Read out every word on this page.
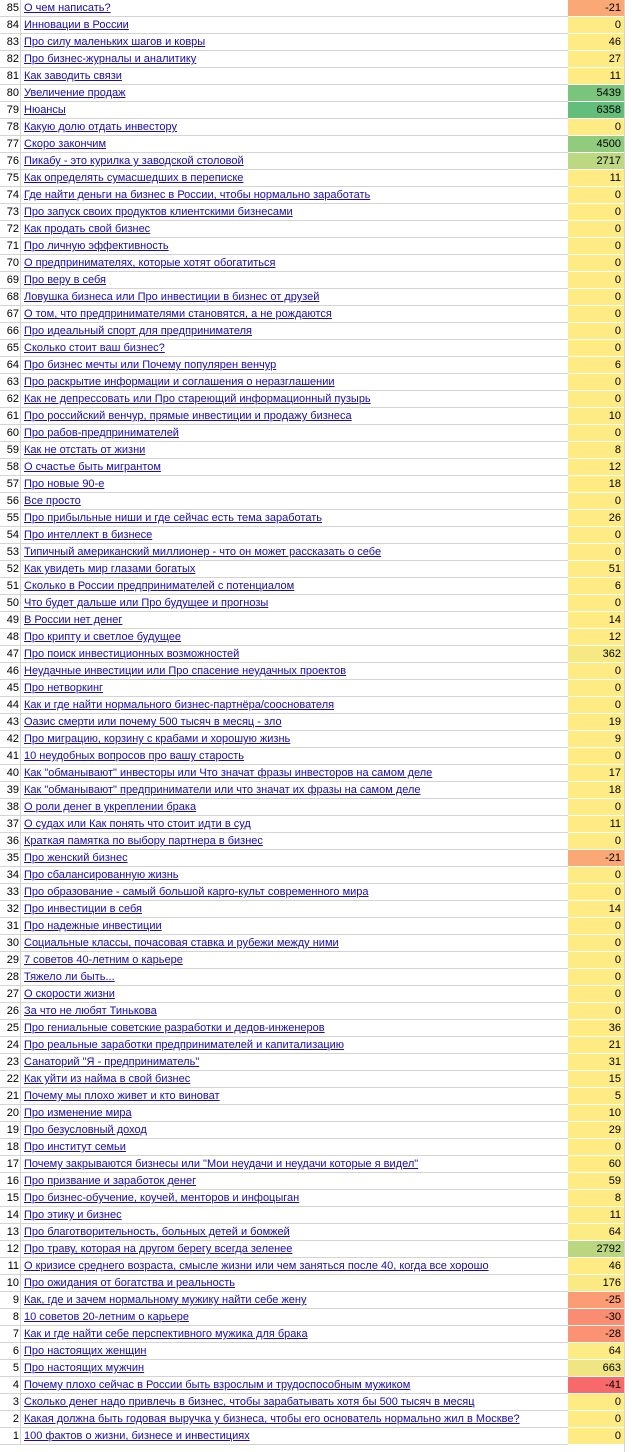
85 О чем написать?	-21
84 Инновации в России	0
83 Про силу маленьких шагов и ковры	46
82 Про бизнес-журналы и аналитику	27
81 Как заводить связи	11
80 Увеличение продаж	5439
79 Нюансы	6358
78 Какую долю отдать инвестору	0
77 Скоро закончим	4500
76 Пикабу - это курилка у заводской столовой	2717
75 Как определять сумасшедших в переписке	11
74 Где найти деньги на бизнес в России, чтобы нормально заработать	0
73 Про запуск своих продуктов клиентскими бизнесами	0
72 Как продать свой бизнес	0
71 Про личную эффективность	0
70 О предпринимателях, которые хотят обогатиться	0
69 Про веру в себя	0
68 Ловушка бизнеса или Про инвестиции в бизнес от друзей	0
67 О том, что предпринимателями становятся, а не рождаются	0
66 Про идеальный спорт для предпринимателя	0
65 Сколько стоит ваш бизнес?	0
64 Про бизнес мечты или Почему популярен венчур	6
63 Про раскрытие информации и соглашения о неразглашении	0
62 Как не депрессовать или Про стареющий информационный пузырь	0
61 Про российский венчур, прямые инвестиции и продажу бизнеса	10
60 Про рабов-предпринимателей	0
59 Как не отстать от жизни	8
58 О счастье быть мигрантом	12
57 Про новые 90-е	18
56 Все просто	0
55 Про прибыльные ниши и где сейчас есть тема заработать	26
54 Про интеллект в бизнесе	0
53 Типичный американский миллионер - что он может рассказать о себе	0
52 Как увидеть мир глазами богатых	51
51 Сколько в России предпринимателей с потенциалом	6
50 Что будет дальше или Про будущее и прогнозы	0
49 В России нет денег	14
48 Про крипту и светлое будущее	12
47 Про поиск инвестиционных возможностей	362
46 Неудачные инвестиции или Про спасение неудачных проектов	0
45 Про нетворкинг	0
44 Как и где найти нормального бизнес-партнёра/сооснователя	0
43 Оазис смерти или почему 500 тысяч в месяц - зло	19
42 Про миграцию, корзину с крабами и хорошую жизнь	9
41 10 неудобных вопросов про вашу старость	0
40 Как "обманывают" инвесторы или Что значат фразы инвесторов на самом деле	17
39 Как "обманывают" предприниматели или что значат их фразы на самом деле	18
38 О роли денег в укреплении брака	0
37 О судах или Как понять что стоит идти в суд	11
36 Краткая памятка по выбору партнера в бизнес	0
35 Про женский бизнес	-21
34 Про сбалансированную жизнь	0
33 Про образование - самый большой карго-культ современного мира	0
32 Про инвестиции в себя	14
31 Про надежные инвестиции	0
30 Социальные классы, почасовая ставка и рубежи между ними	0
29 7 советов 40-летним о карьере	0
28 Тяжело ли быть...	0
27 О скорости жизни	0
26 За что не любят Тинькова	0
25 Про гениальные советские разработки и дедов-инженеров	36
24 Про реальные заработки предпринимателей и капитализацию	21
23 Санаторий "Я - предприниматель"	31
22 Как уйти из найма в свой бизнес	15
21 Почему мы плохо живет и кто виноват	5
20 Про изменение мира	10
19 Про безусловный доход	29
18 Про институт семьи	0
17 Почему закрываются бизнесы или "Мои неудачи и неудачи которые я видел"	60
16 Про призвание и заработок денег	59
15 Про бизнес-обучение, коучей, менторов и инфоцыган	8
14 Про этику и бизнес	11
13 Про благотворительность, больных детей и бомжей	64
12 Про траву, которая на другом берегу всегда зеленее	2792
11 О кризисе среднего возраста, смысле жизни или чем заняться после 40, когда все хорошо	46
10 Про ожидания от богатства и реальность	176
9 Как, где и зачем нормальному мужику найти себе жену	-25
8 10 советов 20-летним о карьере	-30
7 Как и где найти себе перспективного мужика для брака	-28
6 Про настоящих женщин	64
5 Про настоящих мужчин	663
4 Почему плохо сейчас в России быть взрослым и трудоспособным мужиком	-41
3 Сколько денег надо привлечь в бизнес, чтобы зарабатывать хотя бы 500 тысяч в месяц	0
2 Какая должна быть годовая выручка у бизнеса, чтобы его основатель нормально жил в Москве?	0
1 100 фактов о жизни, бизнесе и инвестициях	0
